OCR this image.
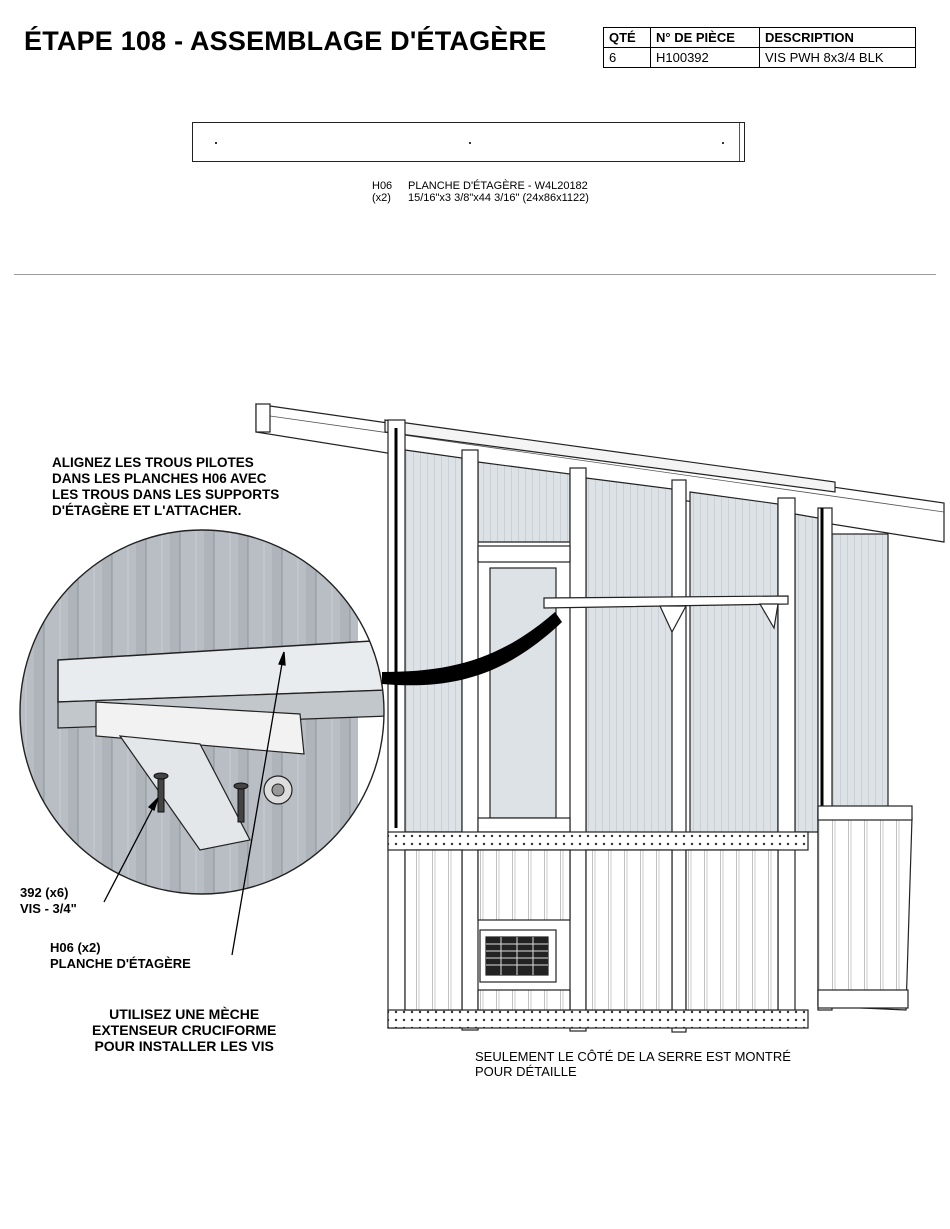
ÉTAPE 108 - ASSEMBLAGE D'ÉTAGÈRE	QTÉ	N° DE PIÈCE	DESCRIPTION
6	H100392	VIS PWH 8x3/4 BLK
H06 PLANCHE D'ÉTAGÈRE - W4L20182
(x2) 15/16"x3 3/8"x44 3/16" (24x86x1122)
ALIGNEZ LES TROUS PILOTES
DANS LES PLANCHES H06 AVEC
LES TROUS DANS LES SUPPORTS
D'ÉTAGÈRE ET L'ATTACHER.
392 (x6)
VIS - 3/4"
H06 (x2)
PLANCHE D'ÉTAGÈRE
UTILISEZ UNE MÈCHE
EXTENSEUR CRUCIFORME
POUR INSTALLER LES VIS
SEULEMENT LE CÔTÉ DE LA SERRE EST MONTRÉ
POUR DÉTAILLE
